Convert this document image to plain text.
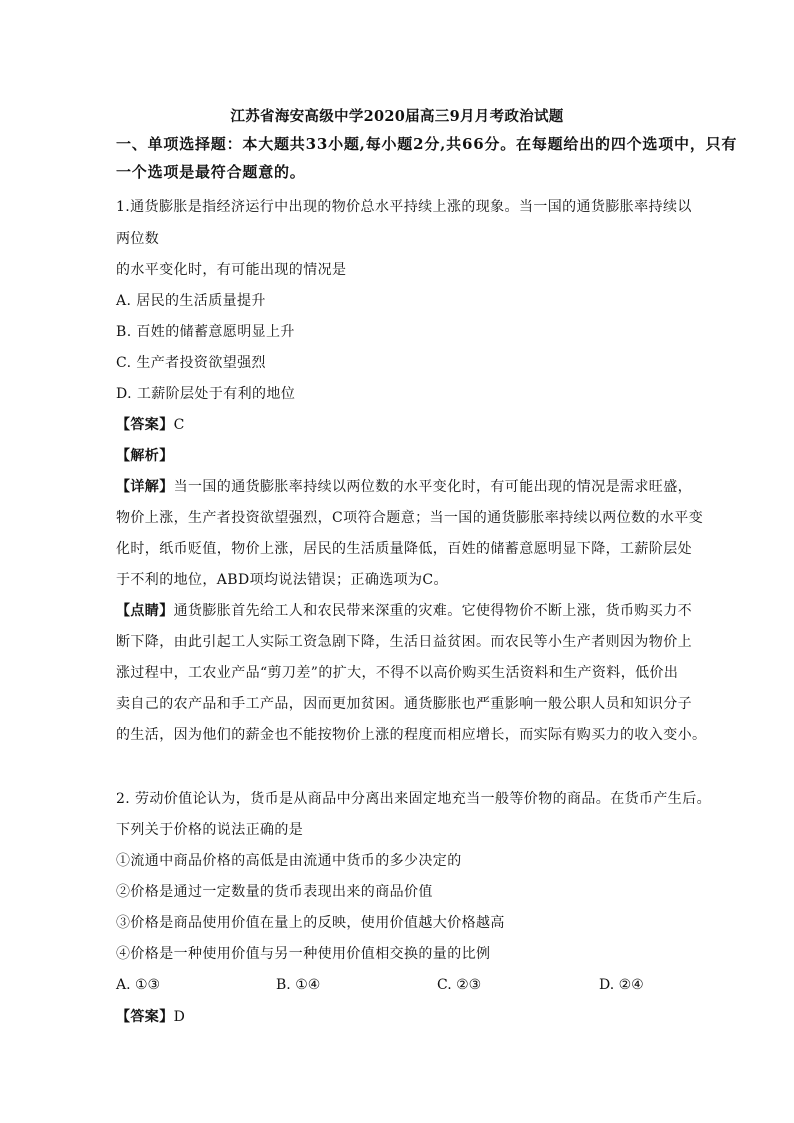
江苏省海安高级中学2020届高三9月月考政治试题
一、单项选择题：本大题共33小题,每小题2分,共66分。在每题给出的四个选项中，只有
一个选项是最符合题意的。
1.通货膨胀是指经济运行中出现的物价总水平持续上涨的现象。当一国的通货膨胀率持续以
两位数
的水平变化时，有可能出现的情况是
A. 居民的生活质量提升
B. 百姓的储蓄意愿明显上升
C. 生产者投资欲望强烈
D. 工薪阶层处于有利的地位
【答案】C
【解析】
【详解】当一国的通货膨胀率持续以两位数的水平变化时，有可能出现的情况是需求旺盛，
物价上涨，生产者投资欲望强烈，C项符合题意；当一国的通货膨胀率持续以两位数的水平变
化时，纸币贬值，物价上涨，居民的生活质量降低，百姓的储蓄意愿明显下降，工薪阶层处
于不利的地位，ABD项均说法错误；正确选项为C。
【点睛】通货膨胀首先给工人和农民带来深重的灾难。它使得物价不断上涨，货币购买力不
断下降，由此引起工人实际工资急剧下降，生活日益贫困。而农民等小生产者则因为物价上
涨过程中，工农业产品“剪刀差”的扩大，不得不以高价购买生活资料和生产资料，低价出
卖自己的农产品和手工产品，因而更加贫困。通货膨胀也严重影响一般公职人员和知识分子
的生活，因为他们的薪金也不能按物价上涨的程度而相应增长，而实际有购买力的收入变小。
2. 劳动价值论认为，货币是从商品中分离出来固定地充当一般等价物的商品。在货币产生后。
下列关于价格的说法正确的是
①流通中商品价格的高低是由流通中货币的多少决定的
②价格是通过一定数量的货币表现出来的商品价值
③价格是商品使用价值在量上的反映，使用价值越大价格越高
④价格是一种使用价值与另一种使用价值相交换的量的比例
A. ①③	B. ①④	C. ②③	D. ②④
【答案】D
